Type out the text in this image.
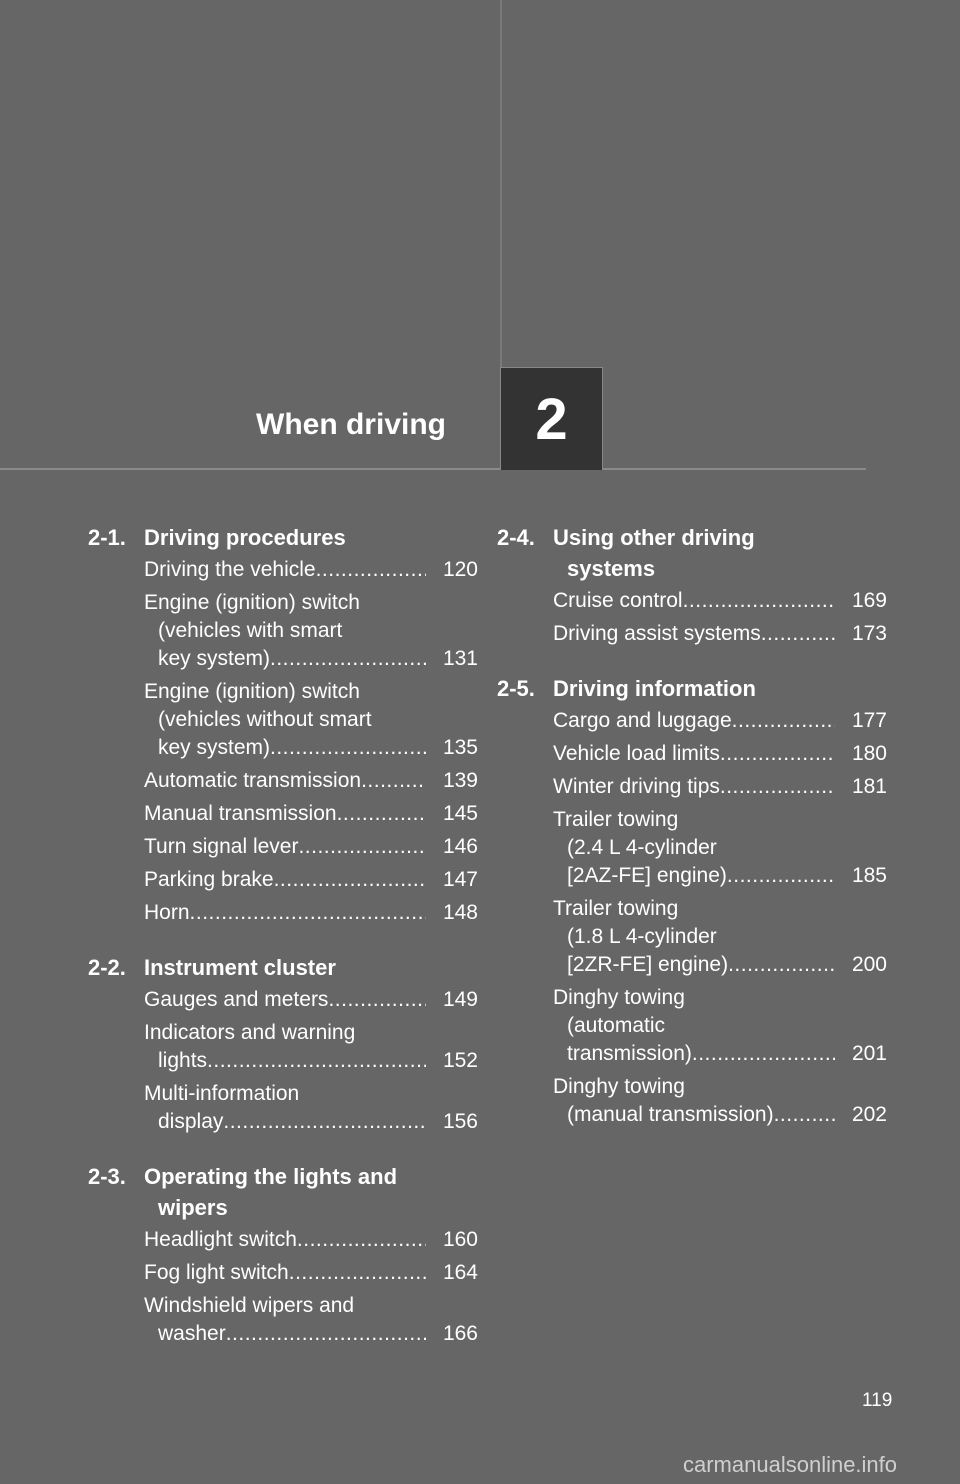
When driving 2
2-1. Driving procedures
Driving the vehicle .....	120
Engine (ignition) switch
(vehicles with smart
key system) .....	131
Engine (ignition) switch
(vehicles without smart
key system) .....	135
Automatic transmission .....	139
Manual transmission .....	145
Turn signal lever .....	146
Parking brake .....	147
Horn .....	148
2-2. Instrument cluster
Gauges and meters .....	149
Indicators and warning
lights .....	152
Multi-information
display .....	156
2-3. Operating the lights and
wipers
Headlight switch .....	160
Fog light switch .....	164
Windshield wipers and
washer .....	166
2-4. Using other driving
systems
Cruise control .....	169
Driving assist systems .....	173
2-5. Driving information
Cargo and luggage .....	177
Vehicle load limits .....	180
Winter driving tips .....	181
Trailer towing
(2.4 L 4-cylinder
[2AZ-FE] engine) .....	185
Trailer towing
(1.8 L 4-cylinder
[2ZR-FE] engine) .....	200
Dinghy towing
(automatic
transmission) .....	201
Dinghy towing
(manual transmission) .....	202
119
carmanualsonline.info
